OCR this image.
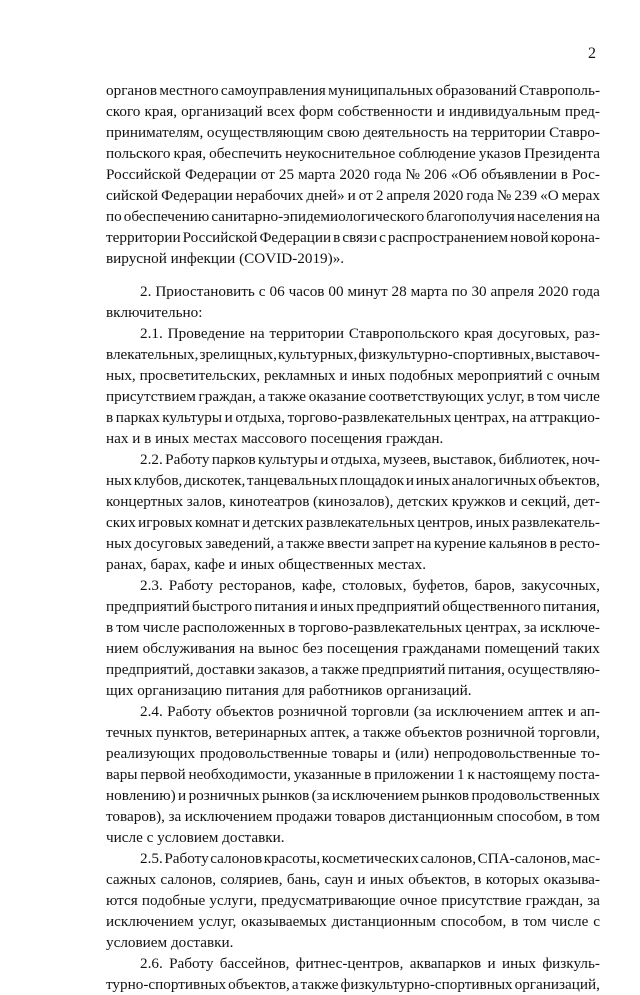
2
органов местного самоуправления муниципальных образований Ставрополь-
ского края, организаций всех форм собственности и индивидуальным пред-
принимателям, осуществляющим свою деятельность на территории Ставро-
польского края, обеспечить неукоснительное соблюдение указов Президента
Российской Федерации от 25 марта 2020 года № 206 «Об объявлении в Рос-
сийской Федерации нерабочих дней» и от 2 апреля 2020 года № 239 «О мерах
по обеспечению санитарно-эпидемиологического благополучия населения на
территории Российской Федерации в связи с распространением новой корона-
вирусной инфекции (COVID-2019)».
2. Приостановить с 06 часов 00 минут 28 марта по 30 апреля 2020 года
включительно:
2.1. Проведение на территории Ставропольского края досуговых, раз-
влекательных, зрелищных, культурных, физкультурно-спортивных, выставоч-
ных, просветительских, рекламных и иных подобных мероприятий с очным
присутствием граждан, а также оказание соответствующих услуг, в том числе
в парках культуры и отдыха, торгово-развлекательных центрах, на аттракцио-
нах и в иных местах массового посещения граждан.
2.2. Работу парков культуры и отдыха, музеев, выставок, библиотек, ноч-
ных клубов, дискотек, танцевальных площадок и иных аналогичных объектов,
концертных залов, кинотеатров (кинозалов), детских кружков и секций, дет-
ских игровых комнат и детских развлекательных центров, иных развлекатель-
ных досуговых заведений, а также ввести запрет на курение кальянов в ресто-
ранах, барах, кафе и иных общественных местах.
2.3. Работу ресторанов, кафе, столовых, буфетов, баров, закусочных,
предприятий быстрого питания и иных предприятий общественного питания,
в том числе расположенных в торгово-развлекательных центрах, за исключе-
нием обслуживания на вынос без посещения гражданами помещений таких
предприятий, доставки заказов, а также предприятий питания, осуществляю-
щих организацию питания для работников организаций.
2.4. Работу объектов розничной торговли (за исключением аптек и ап-
течных пунктов, ветеринарных аптек, а также объектов розничной торговли,
реализующих продовольственные товары и (или) непродовольственные то-
вары первой необходимости, указанные в приложении 1 к настоящему поста-
новлению) и розничных рынков (за исключением рынков продовольственных
товаров), за исключением продажи товаров дистанционным способом, в том
числе с условием доставки.
2.5. Работу салонов красоты, косметических салонов, СПА-салонов, мас-
сажных салонов, соляриев, бань, саун и иных объектов, в которых оказыва-
ются подобные услуги, предусматривающие очное присутствие граждан, за
исключением услуг, оказываемых дистанционным способом, в том числе с
условием доставки.
2.6. Работу бассейнов, фитнес-центров, аквапарков и иных физкуль-
турно-спортивных объектов, а также физкультурно-спортивных организаций,
